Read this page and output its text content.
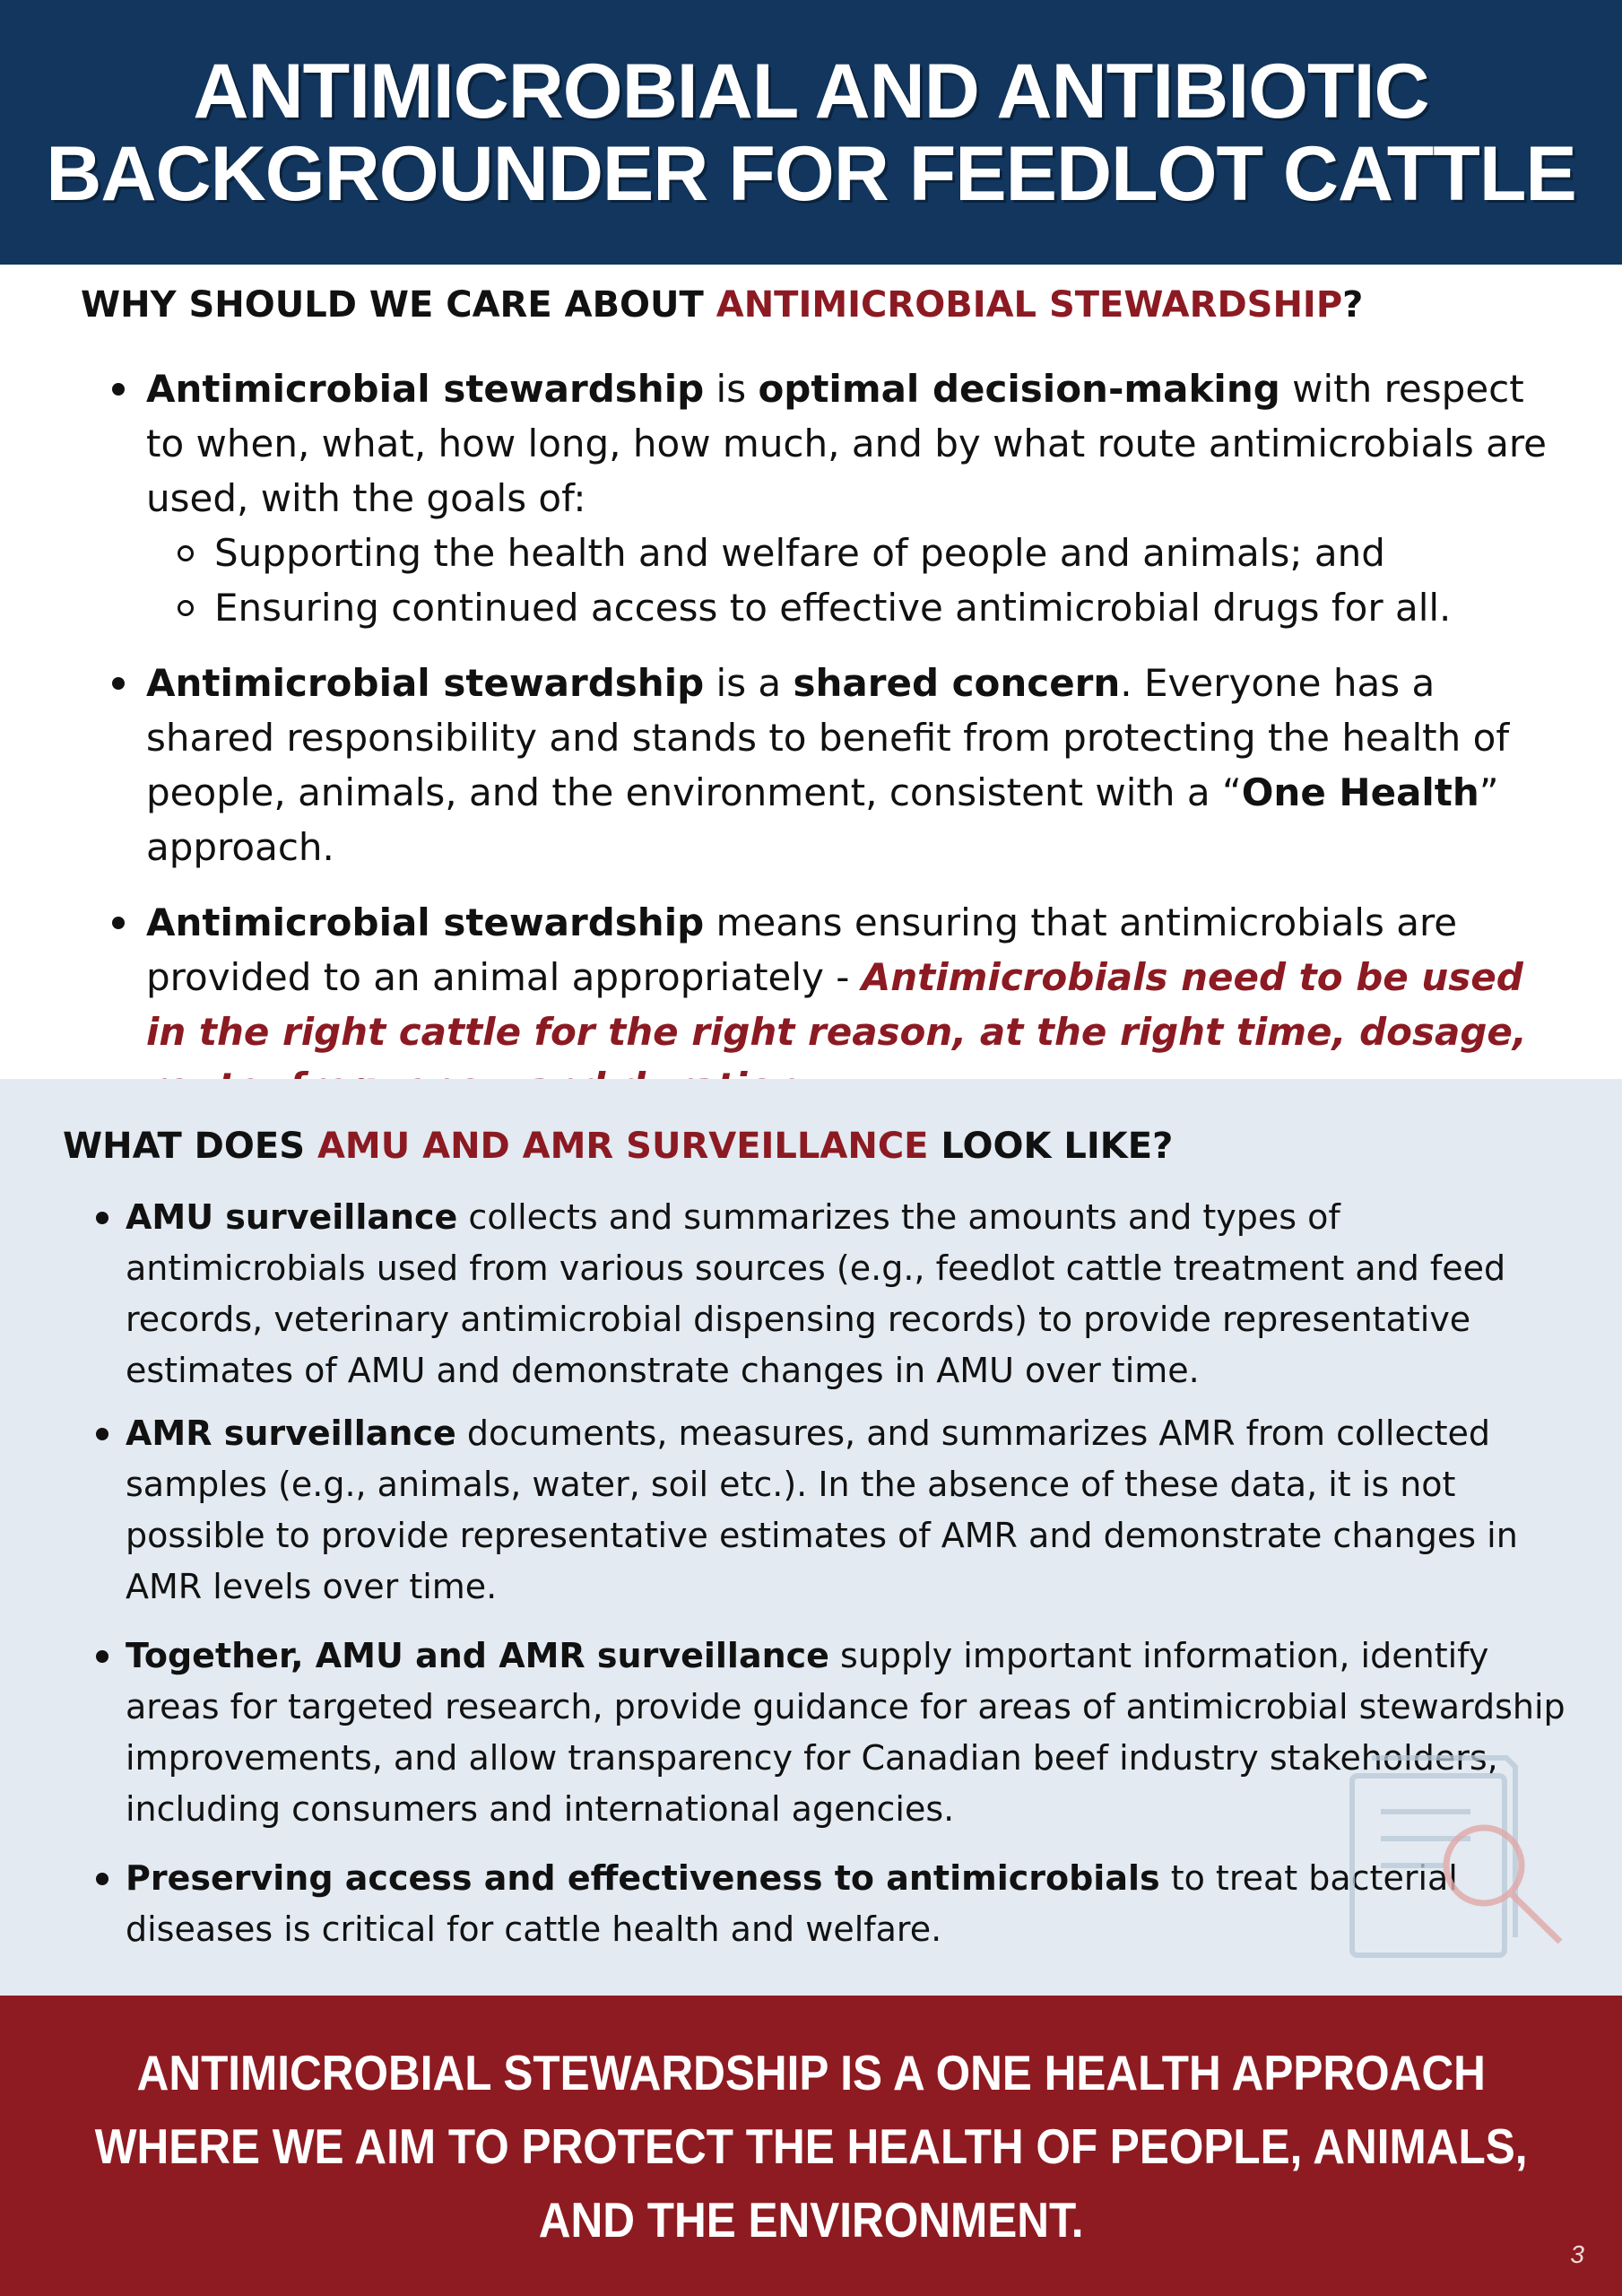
ANTIMICROBIAL AND ANTIBIOTIC
BACKGROUNDER FOR FEEDLOT CATTLE
WHY SHOULD WE CARE ABOUT ANTIMICROBIAL STEWARDSHIP?
Antimicrobial stewardship is optimal decision-making with respect to when, what, how long, how much, and by what route antimicrobials are used, with the goals of:
Supporting the health and welfare of people and animals; and
Ensuring continued access to effective antimicrobial drugs for all.
Antimicrobial stewardship is a shared concern. Everyone has a shared responsibility and stands to benefit from protecting the health of people, animals, and the environment, consistent with a “One Health” approach.
Antimicrobial stewardship means ensuring that antimicrobials are provided to an animal appropriately - Antimicrobials need to be used in the right cattle for the right reason, at the right time, dosage,
WHAT DOES AMU AND AMR SURVEILLANCE LOOK LIKE?
AMU surveillance collects and summarizes the amounts and types of antimicrobials used from various sources (e.g., feedlot cattle treatment and feed records, veterinary antimicrobial dispensing records) to provide representative estimates of AMU and demonstrate changes in AMU over time.
AMR surveillance documents, measures, and summarizes AMR from collected samples (e.g., animals, water, soil etc.). In the absence of these data, it is not possible to provide representative estimates of AMR and demonstrate changes in AMR levels over time.
Together, AMU and AMR surveillance supply important information, identify areas for targeted research, provide guidance for areas of antimicrobial stewardship improvements, and allow transparency for Canadian beef industry stakeholders, including consumers and international agencies.
Preserving access and effectiveness to antimicrobials to treat bacterial diseases is critical for cattle health and welfare.
ANTIMICROBIAL STEWARDSHIP IS A ONE HEALTH APPROACH
WHERE WE AIM TO PROTECT THE HEALTH OF PEOPLE, ANIMALS,
AND THE ENVIRONMENT.
3
